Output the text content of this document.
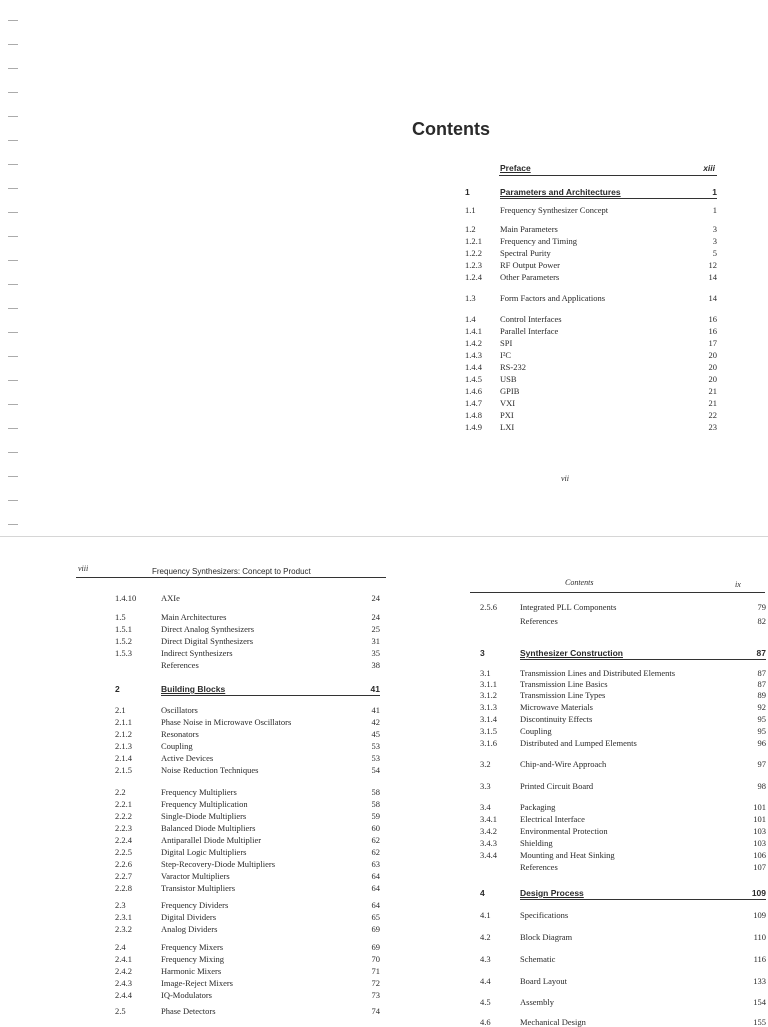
Contents
Preface	xiii
1	Parameters and Architectures	1
1.1	Frequency Synthesizer Concept	1
1.2	Main Parameters	3
1.2.1 Frequency and Timing	3
1.2.2 Spectral Purity	5
1.2.3 RF Output Power	12
1.2.4 Other Parameters	14
1.3	Form Factors and Applications	14
1.4	Control Interfaces	16
1.4.1 Parallel Interface	16
1.4.2 SPI	17
1.4.3 I²C	20
1.4.4 RS-232	20
1.4.5 USB	20
1.4.6 GPIB	21
1.4.7 VXI	21
1.4.8 PXI	22
1.4.9 LXI	23
vii
viii	Frequency Synthesizers: Concept to Product
1.4.10	AXIe	24
1.5	Main Architectures	24
1.5.1	Direct Analog Synthesizers	25
1.5.2	Direct Digital Synthesizers	31
1.5.3	Indirect Synthesizers	35
References	38
2	Building Blocks	41
2.1	Oscillators	41
2.1.1	Phase Noise in Microwave Oscillators	42
2.1.2	Resonators	45
2.1.3	Coupling	53
2.1.4	Active Devices	53
2.1.5	Noise Reduction Techniques	54
2.2	Frequency Multipliers	58
2.2.1	Frequency Multiplication	58
2.2.2	Single-Diode Multipliers	59
2.2.3	Balanced Diode Multipliers	60
2.2.4	Antiparallel Diode Multiplier	62
2.2.5	Digital Logic Multipliers	62
2.2.6	Step-Recovery-Diode Multipliers	63
2.2.7	Varactor Multipliers	64
2.2.8	Transistor Multipliers	64
2.3	Frequency Dividers	64
2.3.1	Digital Dividers	65
2.3.2	Analog Dividers	69
2.4	Frequency Mixers	69
2.4.1	Frequency Mixing	70
2.4.2	Harmonic Mixers	71
2.4.3	Image-Reject Mixers	72
2.4.4	IQ-Modulators	73
2.5	Phase Detectors	74
Contents	ix
2.5.6	Integrated PLL Components	79
References	82
3	Synthesizer Construction	87
3.1	Transmission Lines and Distributed Elements	87
3.1.1	Transmission Line Basics	87
3.1.2	Transmission Line Types	89
3.1.3	Microwave Materials	92
3.1.4	Discontinuity Effects	95
3.1.5	Coupling	95
3.1.6	Distributed and Lumped Elements	96
3.2	Chip-and-Wire Approach	97
3.3	Printed Circuit Board	98
3.4	Packaging	101
3.4.1	Electrical Interface	101
3.4.2	Environmental Protection	103
3.4.3	Shielding	103
3.4.4	Mounting and Heat Sinking	106
References	107
4	Design Process	109
4.1	Specifications	109
4.2	Block Diagram	110
4.3	Schematic	116
4.4	Board Layout	133
4.5	Assembly	154
4.6	Mechanical Design	155
